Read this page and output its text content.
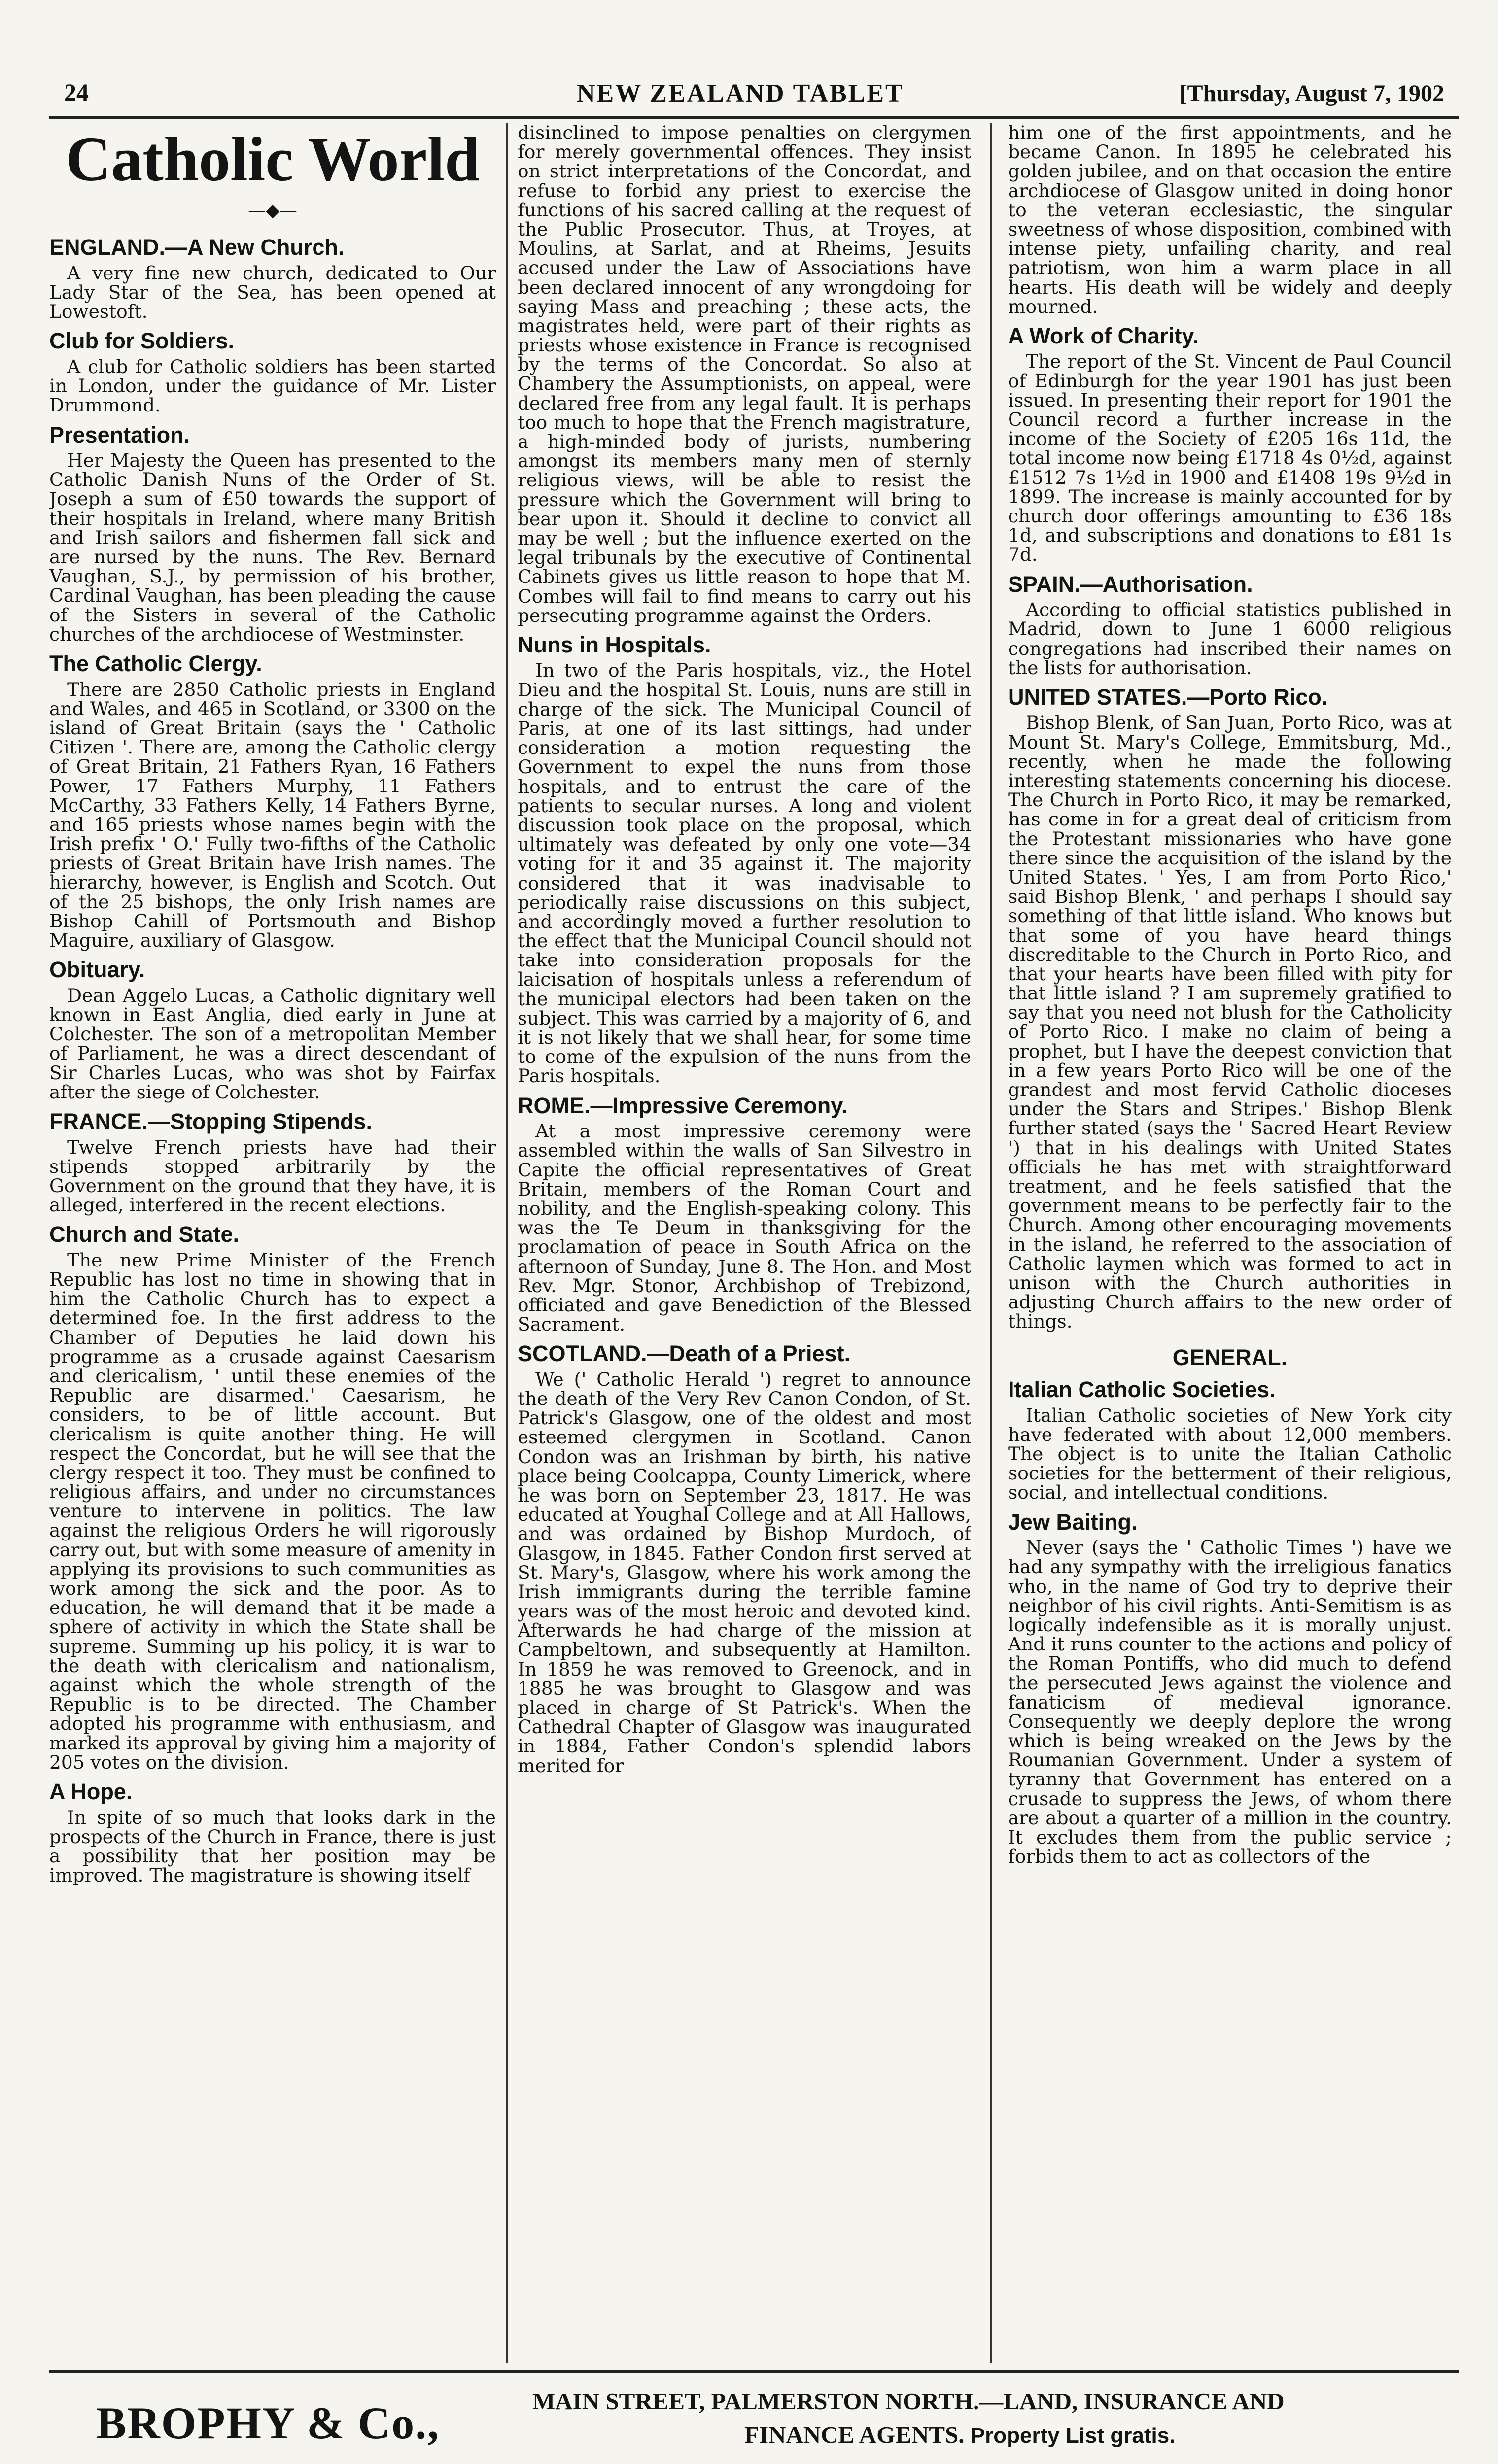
24	NEW ZEALAND TABLET	[Thursday, August 7, 1902
Catholic World
—◆—
ENGLAND.—A New Church.

A very fine new church, dedicated to Our Lady Star of the Sea, has been opened at Lowestoft.

Club for Soldiers.

A club for Catholic soldiers has been started in London, under the guidance of Mr. Lister Drummond.

Presentation.

Her Majesty the Queen has presented to the Catholic Danish Nuns of the Order of St. Joseph a sum of £50 towards the support of their hospitals in Ireland, where many British and Irish sailors and fishermen fall sick and are nursed by the nuns. The Rev. Bernard Vaughan, S.J., by permission of his brother, Cardinal Vaughan, has been pleading the cause of the Sisters in several of the Catholic churches of the archdiocese of Westminster.

The Catholic Clergy.

There are 2850 Catholic priests in England and Wales, and 465 in Scotland, or 3300 on the island of Great Britain (says the ' Catholic Citizen '. There are, among the Catholic clergy of Great Britain, 21 Fathers Ryan, 16 Fathers Power, 17 Fathers Murphy, 11 Fathers McCarthy, 33 Fathers Kelly, 14 Fathers Byrne, and 165 priests whose names begin with the Irish prefix ' O.' Fully two-fifths of the Catholic priests of Great Britain have Irish names. The hierarchy, however, is English and Scotch. Out of the 25 bishops, the only Irish names are Bishop Cahill of Portsmouth and Bishop Maguire, auxiliary of Glasgow.

Obituary.

Dean Aggelo Lucas, a Catholic dignitary well known in East Anglia, died early in June at Colchester. The son of a metropolitan Member of Parliament, he was a direct descendant of Sir Charles Lucas, who was shot by Fairfax after the siege of Colchester.

FRANCE.—Stopping Stipends.

Twelve French priests have had their stipends stopped arbitrarily by the Government on the ground that they have, it is alleged, interfered in the recent elections.

Church and State.

The new Prime Minister of the French Republic has lost no time in showing that in him the Catholic Church has to expect a determined foe. In the first address to the Chamber of Deputies he laid down his programme as a crusade against Caesarism and clericalism, ' until these enemies of the Republic are disarmed.' Caesarism, he considers, to be of little account. But clericalism is quite another thing. He will respect the Concordat, but he will see that the clergy respect it too. They must be confined to religious affairs, and under no circumstances venture to intervene in politics. The law against the religious Orders he will rigorously carry out, but with some measure of amenity in applying its provisions to such communities as work among the sick and the poor. As to education, he will demand that it be made a sphere of activity in which the State shall be supreme. Summing up his policy, it is war to the death with clericalism and nationalism, against which the whole strength of the Republic is to be directed. The Chamber adopted his programme with enthusiasm, and marked its approval by giving him a majority of 205 votes on the division.

A Hope.

In spite of so much that looks dark in the prospects of the Church in France, there is just a possibility that her position may be improved. The magistrature is showing itself

disinclined to impose penalties on clergymen for merely governmental offences. They insist on strict interpretations of the Concordat, and refuse to forbid any priest to exercise the functions of his sacred calling at the request of the Public Prosecutor. Thus, at Troyes, at Moulins, at Sarlat, and at Rheims, Jesuits accused under the Law of Associations have been declared innocent of any wrongdoing for saying Mass and preaching ; these acts, the magistrates held, were part of their rights as priests whose existence in France is recognised by the terms of the Concordat. So also at Chambery the Assumptionists, on appeal, were declared free from any legal fault. It is perhaps too much to hope that the French magistrature, a high-minded body of jurists, numbering amongst its members many men of sternly religious views, will be able to resist the pressure which the Government will bring to bear upon it. Should it decline to convict all may be well ; but the influence exerted on the legal tribunals by the executive of Continental Cabinets gives us little reason to hope that M. Combes will fail to find means to carry out his persecuting programme against the Orders.

Nuns in Hospitals.

In two of the Paris hospitals, viz., the Hotel Dieu and the hospital St. Louis, nuns are still in charge of the sick. The Municipal Council of Paris, at one of its last sittings, had under consideration a motion requesting the Government to expel the nuns from those hospitals, and to entrust the care of the patients to secular nurses. A long and violent discussion took place on the proposal, which ultimately was defeated by only one vote—34 voting for it and 35 against it. The majority considered that it was inadvisable to periodically raise discussions on this subject, and accordingly moved a further resolution to the effect that the Municipal Council should not take into consideration proposals for the laicisation of hospitals unless a referendum of the municipal electors had been taken on the subject. This was carried by a majority of 6, and it is not likely that we shall hear, for some time to come of the expulsion of the nuns from the Paris hospitals.

ROME.—Impressive Ceremony.

At a most impressive ceremony were assembled within the walls of San Silvestro in Capite the official representatives of Great Britain, members of the Roman Court and nobility, and the English-speaking colony. This was the Te Deum in thanksgiving for the proclamation of peace in South Africa on the afternoon of Sunday, June 8. The Hon. and Most Rev. Mgr. Stonor, Archbishop of Trebizond, officiated and gave Benediction of the Blessed Sacrament.

SCOTLAND.—Death of a Priest.

We (' Catholic Herald ') regret to announce the death of the Very Rev Canon Condon, of St. Patrick's Glasgow, one of the oldest and most esteemed clergymen in Scotland. Canon Condon was an Irishman by birth, his native place being Coolcappa, County Limerick, where he was born on September 23, 1817. He was educated at Youghal College and at All Hallows, and was ordained by Bishop Murdoch, of Glasgow, in 1845. Father Condon first served at St. Mary's, Glasgow, where his work among the Irish immigrants during the terrible famine years was of the most heroic and devoted kind. Afterwards he had charge of the mission at Campbeltown, and subsequently at Hamilton. In 1859 he was removed to Greenock, and in 1885 he was brought to Glasgow and was placed in charge of St Patrick's. When the Cathedral Chapter of Glasgow was inaugurated in 1884, Father Condon's splendid labors merited for

him one of the first appointments, and he became Canon. In 1895 he celebrated his golden jubilee, and on that occasion the entire archdiocese of Glasgow united in doing honor to the veteran ecclesiastic, the singular sweetness of whose disposition, combined with intense piety, unfailing charity, and real patriotism, won him a warm place in all hearts. His death will be widely and deeply mourned.

A Work of Charity.

The report of the St. Vincent de Paul Council of Edinburgh for the year 1901 has just been issued. In presenting their report for 1901 the Council record a further increase in the income of the Society of £205 16s 11d, the total income now being £1718 4s 0½d, against £1512 7s 1½d in 1900 and £1408 19s 9½d in 1899. The increase is mainly accounted for by church door offerings amounting to £36 18s 1d, and subscriptions and donations to £81 1s 7d.

SPAIN.—Authorisation.

According to official statistics published in Madrid, down to June 1 6000 religious congregations had inscribed their names on the lists for authorisation.

UNITED STATES.—Porto Rico.

Bishop Blenk, of San Juan, Porto Rico, was at Mount St. Mary's College, Emmitsburg, Md., recently, when he made the following interesting statements concerning his diocese. The Church in Porto Rico, it may be remarked, has come in for a great deal of criticism from the Protestant missionaries who have gone there since the acquisition of the island by the United States. ' Yes, I am from Porto Rico,' said Bishop Blenk, ' and perhaps I should say something of that little island. Who knows but that some of you have heard things discreditable to the Church in Porto Rico, and that your hearts have been filled with pity for that little island ? I am supremely gratified to say that you need not blush for the Catholicity of Porto Rico. I make no claim of being a prophet, but I have the deepest conviction that in a few years Porto Rico will be one of the grandest and most fervid Catholic dioceses under the Stars and Stripes.' Bishop Blenk further stated (says the ' Sacred Heart Review ') that in his dealings with United States officials he has met with straightforward treatment, and he feels satisfied that the government means to be perfectly fair to the Church. Among other encouraging movements in the island, he referred to the association of Catholic laymen which was formed to act in unison with the Church authorities in adjusting Church affairs to the new order of things.

GENERAL.
Italian Catholic Societies.

Italian Catholic societies of New York city have federated with about 12,000 members. The object is to unite the Italian Catholic societies for the betterment of their religious, social, and intellectual conditions.

Jew Baiting.

Never (says the ' Catholic Times ') have we had any sympathy with the irreligious fanatics who, in the name of God try to deprive their neighbor of his civil rights. Anti-Semitism is as logically indefensible as it is morally unjust. And it runs counter to the actions and policy of the Roman Pontiffs, who did much to defend the persecuted Jews against the violence and fanaticism of medieval ignorance. Consequently we deeply deplore the wrong which is being wreaked on the Jews by the Roumanian Government. Under a system of tyranny that Government has entered on a crusade to suppress the Jews, of whom there are about a quarter of a million in the country. It excludes them from the public service ; forbids them to act as collectors of the

BROPHY & Co.,	MAIN STREET, PALMERSTON NORTH.—LAND, INSURANCE AND
FINANCE AGENTS. Property List gratis.
